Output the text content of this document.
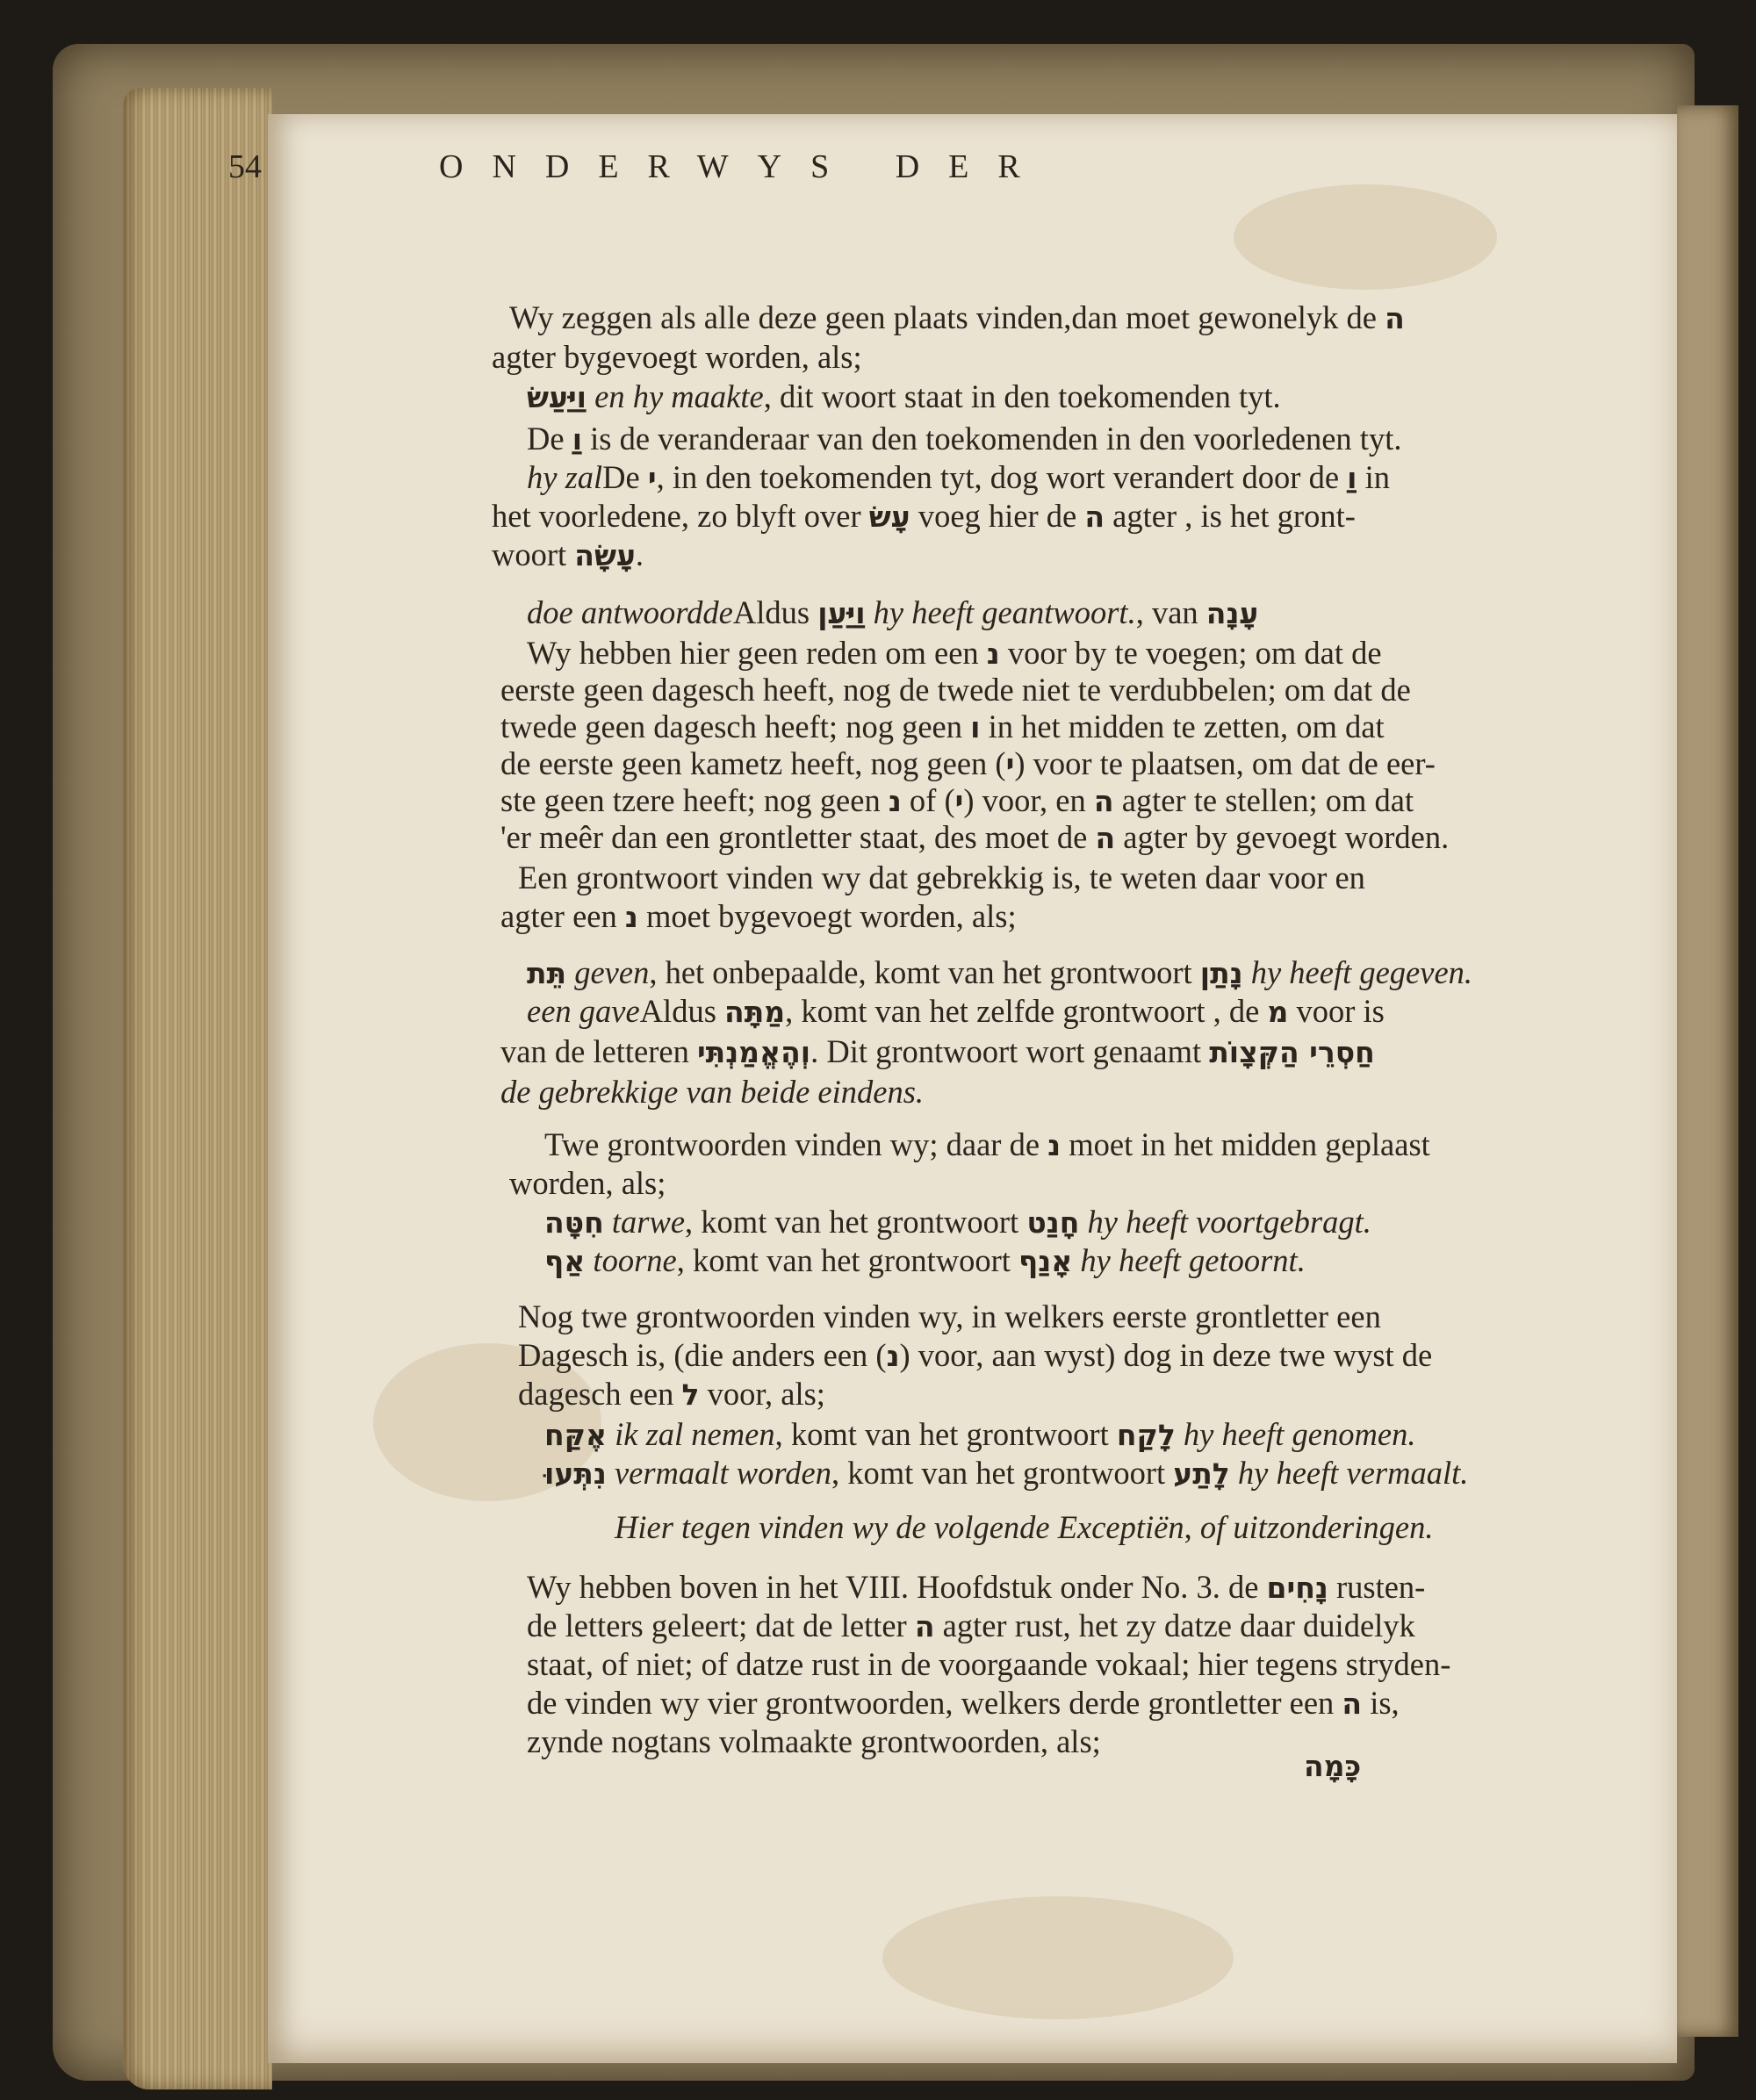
54	ONDERWYS DER
Wy zeggen als alle deze geen plaats vinden,dan moet gewonelyk de ה
agter bygevoegt worden, als;
וַיַּעַשׂ en hy maakte, dit woort staat in den toekomenden tyt.
De וַ is de veranderaar van den toekomenden in den voorledenen tyt.
hy zalDe י, in den toekomenden tyt, dog wort verandert door de וַ in
het voorledene, zo blyft over עָשׂ voeg hier de ה agter , is het gront-
woort עָשָׂה.
doe antwoorddeAldus וַיַּעַן hy heeft geantwoort., van עָנָה
Wy hebben hier geen reden om een נ voor by te voegen; om dat de
eerste geen dagesch heeft, nog de twede niet te verdubbelen; om dat de
twede geen dagesch heeft; nog geen ו in het midden te zetten, om dat
de eerste geen kametz heeft, nog geen (י) voor te plaatsen, om dat de eer-
ste geen tzere heeft; nog geen נ of (י) voor, en ה agter te stellen; om dat
'er meêr dan een grontletter staat, des moet de ה agter by gevoegt worden.
Een grontwoort vinden wy dat gebrekkig is, te weten daar voor en
agter een נ moet bygevoegt worden, als;
תֵּת geven, het onbepaalde, komt van het grontwoort נָתַן hy heeft gegeven.
een gaveAldus מַתָּה, komt van het zelfde grontwoort , de מ voor is
van de letteren וְהֶאֱמַנְתִּי. Dit grontwoort wort genaamt חַסְרֵי הַקְּצָוֹת
de gebrekkige van beide eindens.
Twe grontwoorden vinden wy; daar de נ moet in het midden geplaast
worden, als;
חִטָּה tarwe, komt van het grontwoort חָנַט hy heeft voortgebragt.
אַף toorne, komt van het grontwoort אָנַף hy heeft getoornt.
Nog twe grontwoorden vinden wy, in welkers eerste grontletter een
Dagesch is, (die anders een (נ) voor, aan wyst) dog in deze twe wyst de
dagesch een ל voor, als;
אֶקַּח ik zal nemen, komt van het grontwoort לָקַח hy heeft genomen.
נִתְּעוּ vermaalt worden, komt van het grontwoort לָתַע hy heeft vermaalt.
Hier tegen vinden wy de volgende Exceptiën, of uitzonderingen.
Wy hebben boven in het VIII. Hoofdstuk onder No. 3. de נָחִים rusten-
de letters geleert; dat de letter ה agter rust, het zy datze daar duidelyk
staat, of niet; of datze rust in de voorgaande vokaal; hier tegens stryden-
de vinden wy vier grontwoorden, welkers derde grontletter een ה is,
zynde nogtans volmaakte grontwoorden, als;
כָּמָה
